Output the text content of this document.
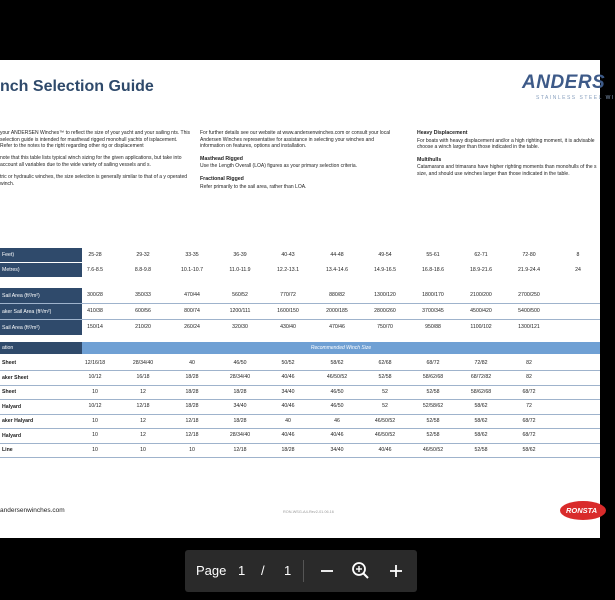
nch Selection Guide	ANDERS
STAINLESS STEEL WI

your ANDERSEN Winches™ to reflect the size of your yacht and your sailing nts. This selection guide is intended for masthead rigged monohull yachts of isplacement. Refer to the notes to the right regarding other rig or displacement

note that this table lists typical winch sizing for the given applications, but take into account all variables due to the wide variety of sailing vessels and s.

tric or hydraulic winches, the size selection is generally similar to that of a y operated winch.

For further details see our website at www.andersenwinches.com or consult your local Andersen Winches representative for assistance in selecting your winches and information on features, options and installation.

Masthead Rigged

Use the Length Overall (LOA) figures as your primary selection criteria.

Fractional Rigged

Refer primarily to the sail area, rather than LOA.

Heavy Displacement

For boats with heavy displacement and/or a high righting moment, it is advisable choose a winch larger than those indicated in the table.

Multihulls

Catamarans and trimarans have higher righting moments than monohulls of the s size, and should use winches larger than those indicated in the table.

Feet)	25-28	29-32	33-35	36-39	40-43	44-48	49-54	55-61	62-71	72-80	8
Metres)	7.6-8.5	8.8-9.8	10.1-10.7	11.0-11.9	12.2-13.1	13.4-14.6	14.9-16.5	16.8-18.6	18.9-21.6	21.9-24.4	24
Sail Area (ft²/m²)	300/28	350/33	470/44	560/52	770/72	880/82	1300/120	1800/170	2100/200	2700/250
aker Sail Area (ft²/m²)	410/38	600/56	800/74	1200/111	1600/150	2000/185	2800/260	3700/345	4500/420	5400/500
Sail Area (ft²/m²)	150/14	210/20	260/24	320/30	430/40	470/46	750/70	950/88	1100/102	1300/121
ation	Recommended Winch Size
Sheet	12/16/18	28/34/40	40	46/50	50/52	58/62	62/68	68/72	72/82	82
aker Sheet	10/12	16/18	18/28	28/34/40	40/46	46/50/52	52/58	58/62/68	68/72/82	82
Sheet	10	12	18/28	18/28	34/40	46/50	52	52/58	58/62/68	68/72
Halyard	10/12	12/18	18/28	34/40	40/46	46/50	52	52/58/62	58/62	72
aker Halyard	10	12	12/18	18/28	40	46	46/50/52	52/58	58/62	68/72
Halyard	10	12	12/18	28/34/40	40/46	40/46	46/50/52	52/58	58/62	68/72
Line	10	10	10	12/18	18/28	34/40	40/46	46/50/52	52/58	58/62
andersenwinches.com	RON-WSG-A4-Rev2-01.06.16	RONSTA
Page 1 / 1
